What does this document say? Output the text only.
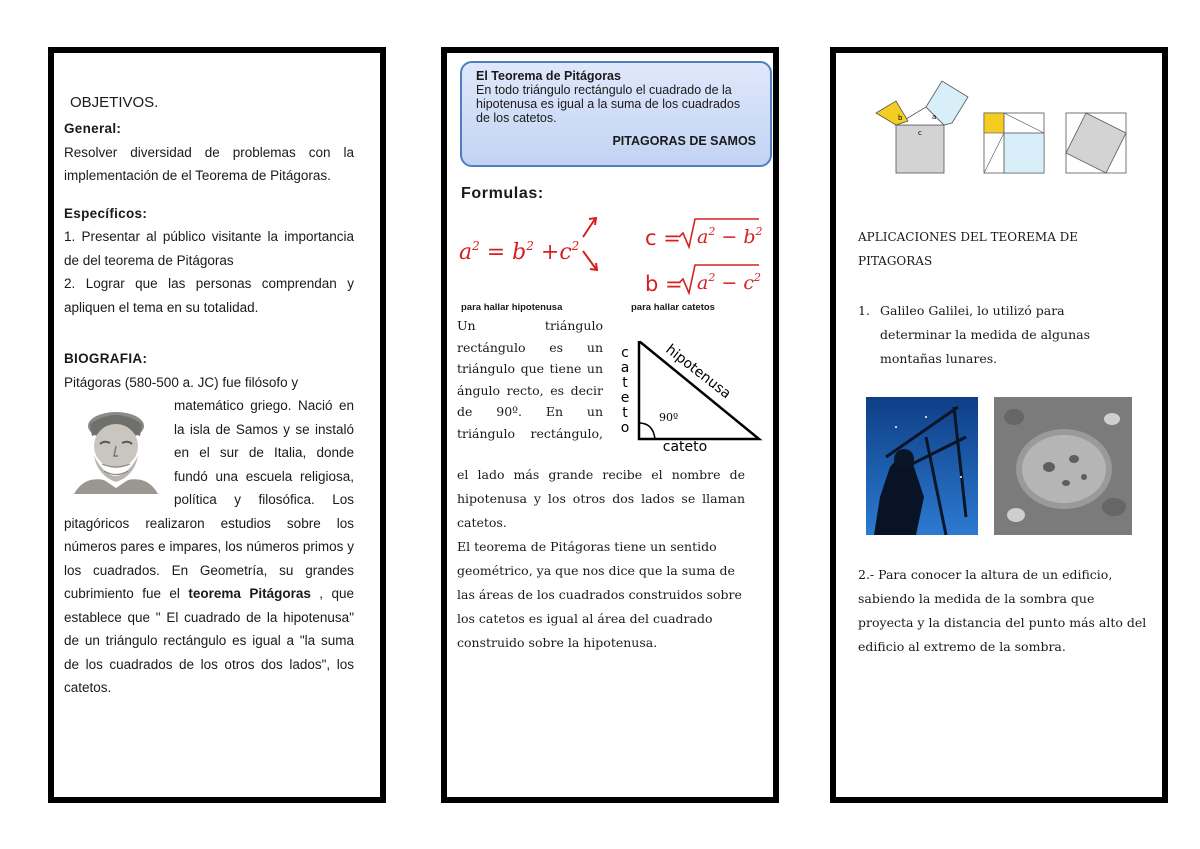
OBJETIVOS.
General:
Resolver diversidad de problemas con la implementación de el Teorema de Pitágoras.
Específicos:
1. Presentar al público visitante la importancia de del teorema de Pitágoras
2. Lograr que las personas comprendan y apliquen el tema en su totalidad.
BIOGRAFIA:
Pitágoras (580-500 a. JC) fue filósofo y
matemático griego. Nació en la isla de Samos y se instaló en el sur de Italia, donde fundó una escuela religiosa, política y filosófica. Los pitagóricos realizaron estudios sobre los números pares e impares, los números primos y los cuadrados. En Geometría, su grandes cubrimiento fue el teorema Pitágoras , que establece que " El cuadrado de la hipotenusa" de un triángulo rectángulo es igual a "la suma de los cuadrados de los otros dos lados", los catetos.
El Teorema de Pitágoras
En todo triángulo rectángulo el cuadrado de la hipotenusa es igual a la suma de los cuadrados de los catetos.
PITAGORAS DE SAMOS
Formulas:
$a^2 = b^2 +c^2$	c =
b =
$a^2 - b^2$
$a^2 - c^2$
para hallar hipotenusa	para hallar catetos
Un triángulo rectángulo es un triángulo que tiene un ángulo recto, es decir de 90º. En un triángulo rectángulo,
c a t e t o
90º
hipotenusa
cateto
el lado más grande recibe el nombre de hipotenusa y los otros dos lados se llaman catetos.
El teorema de Pitágoras tiene un sentido geométrico, ya que nos dice que la suma de las áreas de los cuadrados construidos sobre los catetos es igual al área del cuadrado construido sobre la hipotenusa.
b	a
c
APLICACIONES DEL TEOREMA DE PITAGORAS
1. Galileo Galilei, lo utilizó para determinar la medida de algunas montañas lunares.
2.- Para conocer la altura de un edificio, sabiendo la medida de la sombra que proyecta y la distancia del punto más alto del edificio al extremo de la sombra.
